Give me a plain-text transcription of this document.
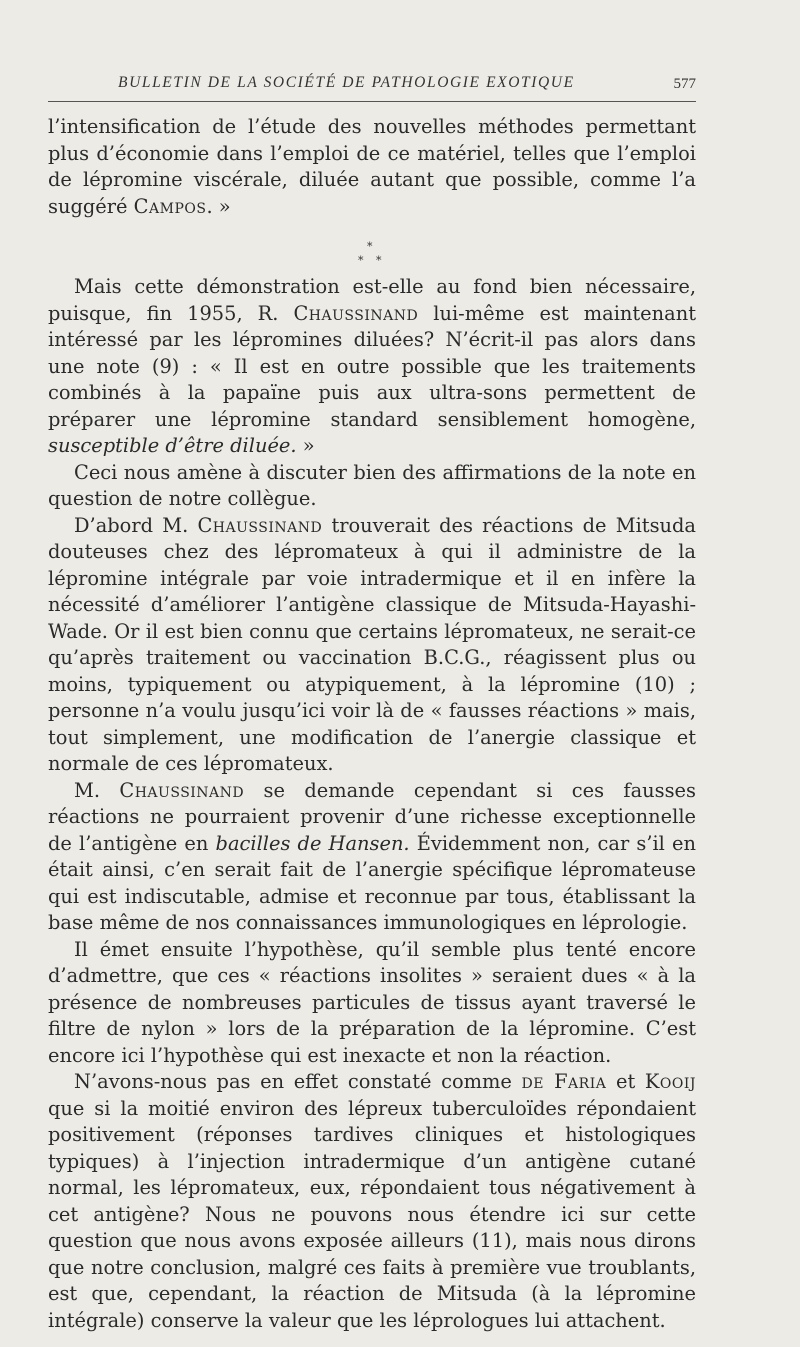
BULLETIN DE LA SOCIÉTÉ DE PATHOLOGIE EXOTIQUE	577

l’intensification de l’étude des nouvelles méthodes permettant plus d’économie dans l’emploi de ce matériel, telles que l’emploi de lépromine viscérale, diluée autant que possible, comme l’a suggéré Campos. »

*
* *

Mais cette démonstration est-elle au fond bien nécessaire, puisque, fin 1955, R. Chaussinand lui-même est maintenant intéressé par les lépromines diluées? N’écrit-il pas alors dans une note (9) : « Il est en outre possible que les traitements combinés à la papaïne puis aux ultra-sons permettent de préparer une lépromine standard sensiblement homogène, susceptible d’être diluée. »

Ceci nous amène à discuter bien des affirmations de la note en question de notre collègue.

D’abord M. Chaussinand trouverait des réactions de Mitsuda douteuses chez des lépromateux à qui il administre de la lépromine intégrale par voie intradermique et il en infère la nécessité d’améliorer l’antigène classique de Mitsuda-Hayashi-Wade. Or il est bien connu que certains lépromateux, ne serait-ce qu’après traitement ou vaccination B.C.G., réagissent plus ou moins, typiquement ou atypiquement, à la lépromine (10) ; personne n’a voulu jusqu’ici voir là de « fausses réactions » mais, tout simplement, une modification de l’anergie classique et normale de ces lépromateux.

M. Chaussinand se demande cependant si ces fausses réactions ne pourraient provenir d’une richesse exceptionnelle de l’antigène en bacilles de Hansen. Évidemment non, car s’il en était ainsi, c’en serait fait de l’anergie spécifique lépromateuse qui est indiscutable, admise et reconnue par tous, établissant la base même de nos connaissances immunologiques en léprologie.

Il émet ensuite l’hypothèse, qu’il semble plus tenté encore d’admettre, que ces « réactions insolites » seraient dues « à la présence de nombreuses particules de tissus ayant traversé le filtre de nylon » lors de la préparation de la lépromine. C’est encore ici l’hypothèse qui est inexacte et non la réaction.

N’avons-nous pas en effet constaté comme de Faria et Kooij que si la moitié environ des lépreux tuberculoïdes répondaient positivement (réponses tardives cliniques et histologiques typiques) à l’injection intradermique d’un antigène cutané normal, les lépromateux, eux, répondaient tous négativement à cet antigène? Nous ne pouvons nous étendre ici sur cette question que nous avons exposée ailleurs (11), mais nous dirons que notre conclusion, malgré ces faits à première vue troublants, est que, cependant, la réaction de Mitsuda (à la lépromine intégrale) conserve la valeur que les léprologues lui attachent.
